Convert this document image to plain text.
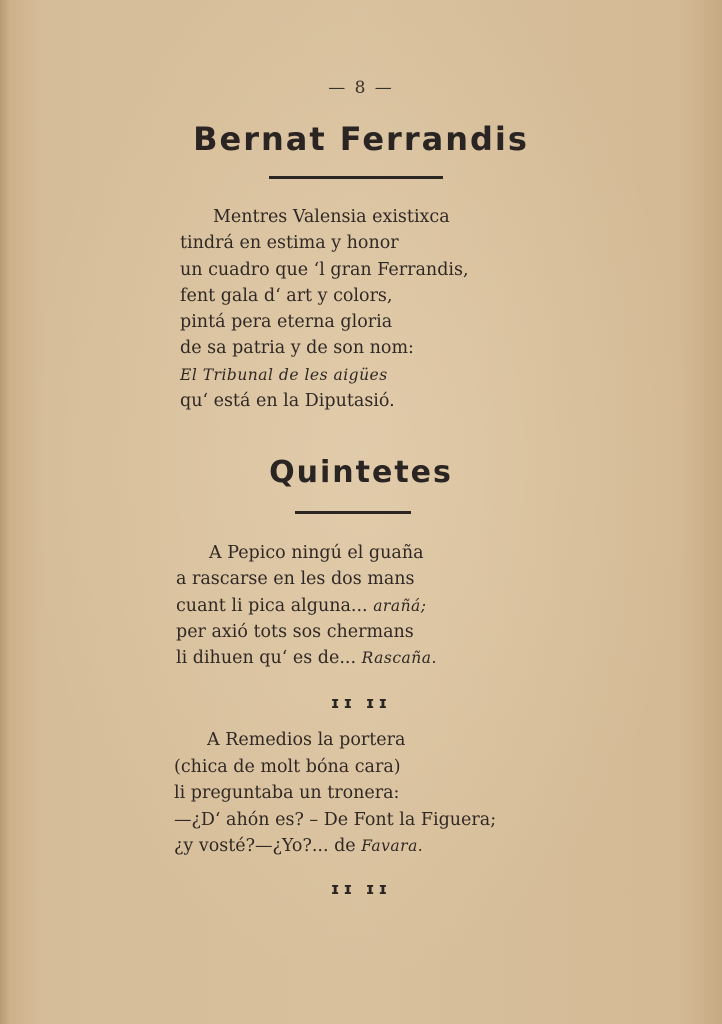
— 8 —
Bernat Ferrandis
Mentres Valensia existixca
tindrá en estima y honor
un cuadro que ‘l gran Ferrandis,
fent gala d‘ art y colors,
pintá pera eterna gloria
de sa patria y de son nom:
El Tribunal de les aigües
qu‘ está en la Diputasió.
Quintetes
A Pepico ningú el guaña
a rascarse en les dos mans
cuant li pica alguna... arañá;
per axió tots sos chermans
li dihuen qu‘ es de... Rascaña.
ɪɪ ɪɪ
A Remedios la portera
(chica de molt bóna cara)
li preguntaba un tronera:
—¿D‘ ahón es? – De Font la Figuera;
¿y vosté?—¿Yo?... de Favara.
ɪɪ ɪɪ
